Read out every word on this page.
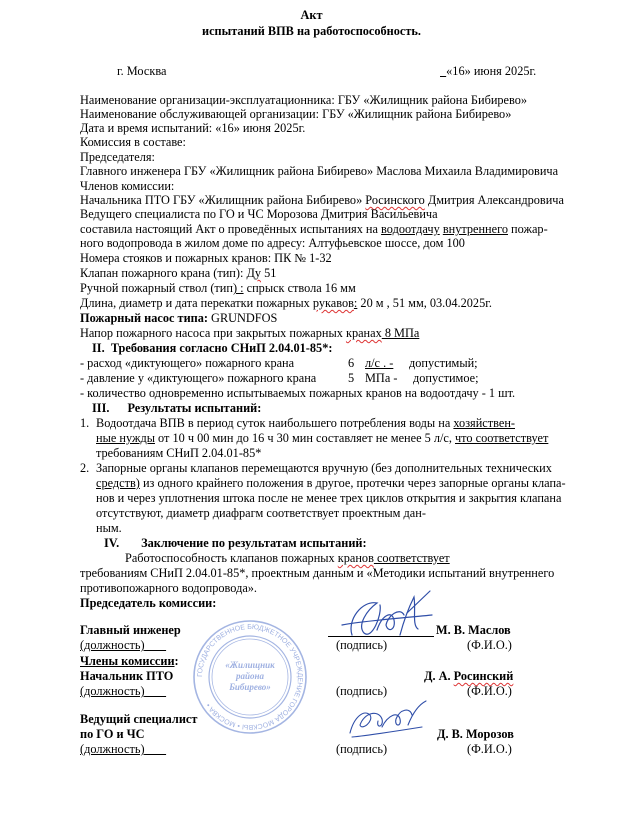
Акт
испытаний ВПВ на работоспособность.
г. Москва	«16» июня 2025г.
Наименование организации-эксплуатационника: ГБУ «Жилищник района Бибирево»
Наименование обслуживающей организации: ГБУ «Жилищник района Бибирево»
Дата и время испытаний: «16» июня 2025г.
Комиссия в составе:
Председателя:
Главного инженера ГБУ «Жилищник района Бибирево» Маслова Михаила Владимировича
Членов комиссии:
Начальника ПТО ГБУ «Жилищник района Бибирево» Росинского Дмитрия Александровича
Ведущего специалиста по ГО и ЧС Морозова Дмитрия Васильевича
составила настоящий Акт о проведённых испытаниях на водоотдачу внутреннего пожар-
ного водопровода в жилом доме по адресу: Алтуфьевское шоссе, дом 100
Номера стояков и пожарных кранов: ПК № 1-32
Клапан пожарного крана (тип): Ду 51
Ручной пожарный ствол (тип) : спрыск ствола 16 мм
Длина, диаметр и дата перекатки пожарных рукавов: 20 м , 51 мм, 03.04.2025г.
Пожарный насос типа: GRUNDFOS
Напор пожарного насоса при закрытых пожарных кранах 8 МПа
II. Требования согласно СНиП 2.04.01-85*:
- расход «диктующего» пожарного крана	6 л/с . - допустимый;
- давление у «диктующего» пожарного крана	5 МПа - допустимое;
- количество одновременно испытываемых пожарных кранов на водоотдачу - 1 шт.
III. Результаты испытаний:
1. Водоотдача ВПВ в период суток наибольшего потребления воды на хозяйствен-
ные нужды от 10 ч 00 мин до 16 ч 30 мин составляет не менее 5 л/с, что соответствует
требованиям СНиП 2.04.01-85*
2. Запорные органы клапанов перемещаются вручную (без дополнительных технических
средств) из одного крайнего положения в другое, протечки через запорные органы клапа-
нов и через уплотнения штока после не менее трех циклов открытия и закрытия клапана
отсутствуют, диаметр диафрагм соответствует проектным дан-
ным.
IV. Заключение по результатам испытаний:
Работоспособность клапанов пожарных кранов соответствует
требованиям СНиП 2.04.01-85*, проектным данным и «Методики испытаний внутреннего
противопожарного водопровода».
Председатель комиссии:
ГОСУДАРСТВЕННОЕ БЮДЖЕТНОЕ УЧРЕЖДЕНИЕ ГОРОДА МОСКВЫ • МОСКВА •
«Жилищник
района
Бибирево»
Главный инженер	М. В. Маслов
(должность)	(подпись)	(Ф.И.О.)
Члены комиссии:
Начальник ПТО	Д. А. Росинский
(должность)	(подпись)	(Ф.И.О.)
Ведущий специалист
по ГО и ЧС	Д. В. Морозов
(должность)	(подпись)	(Ф.И.О.)
